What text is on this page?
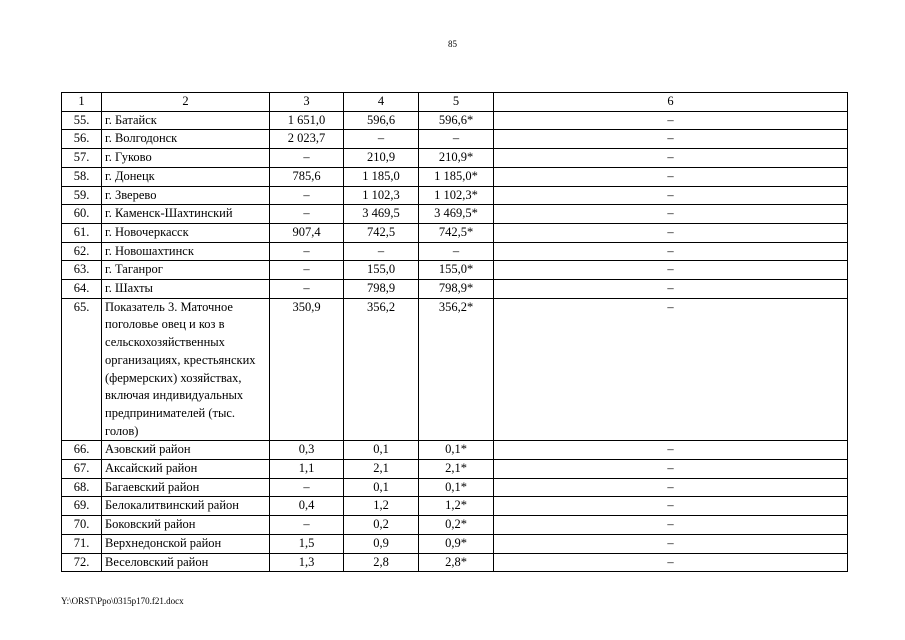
85
1	2	3	4	5	6
55.	г. Батайск	1 651,0	596,6	596,6*	–
56.	г. Волгодонск	2 023,7	–	–	–
57.	г. Гуково	–	210,9	210,9*	–
58.	г. Донецк	785,6	1 185,0	1 185,0*	–
59.	г. Зверево	–	1 102,3	1 102,3*	–
60.	г. Каменск-Шахтинский	–	3 469,5	3 469,5*	–
61.	г. Новочеркасск	907,4	742,5	742,5*	–
62.	г. Новошахтинск	–	–	–	–
63.	г. Таганрог	–	155,0	155,0*	–
64.	г. Шахты	–	798,9	798,9*	–
65.	Показатель 3. Маточное поголовье овец и коз в сельскохозяйственных организациях, крестьянских (фермерских) хозяйствах, включая индивидуальных предпринимателей (тыс. голов)	350,9	356,2	356,2*	–
66.	Азовский район	0,3	0,1	0,1*	–
67.	Аксайский район	1,1	2,1	2,1*	–
68.	Багаевский район	–	0,1	0,1*	–
69.	Белокалитвинский район	0,4	1,2	1,2*	–
70.	Боковский район	–	0,2	0,2*	–
71.	Верхнедонской район	1,5	0,9	0,9*	–
72.	Веселовский район	1,3	2,8	2,8*	–
Y:\ORST\Ppo\0315p170.f21.docx
